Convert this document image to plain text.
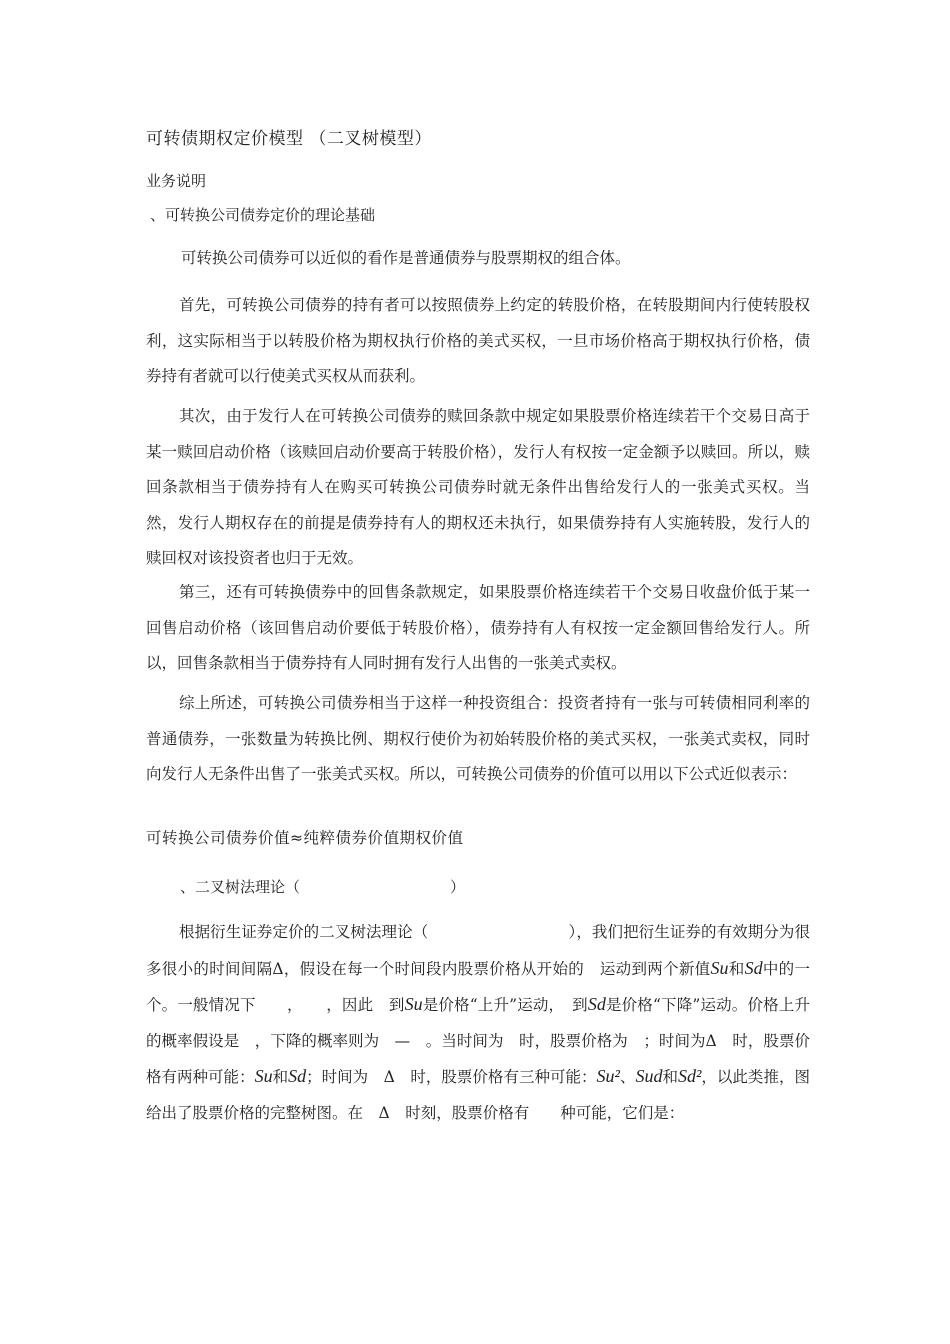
可转债期权定价模型 （二叉树模型）
业务说明
、可转换公司债券定价的理论基础

可转换公司债券可以近似的看作是普通债券与股票期权的组合体。

首先，可转换公司债券的持有者可以按照债券上约定的转股价格，在转股期间内行使转股权利，这实际相当于以转股价格为期权执行价格的美式买权，一旦市场价格高于期权执行价格，债券持有者就可以行使美式买权从而获利。

其次，由于发行人在可转换公司债券的赎回条款中规定如果股票价格连续若干个交易日高于某一赎回启动价格（该赎回启动价要高于转股价格），发行人有权按一定金额予以赎回。所以，赎回条款相当于债券持有人在购买可转换公司债券时就无条件出售给发行人的一张美式买权。当然，发行人期权存在的前提是债券持有人的期权还未执行，如果债券持有人实施转股，发行人的赎回权对该投资者也归于无效。

第三，还有可转换债券中的回售条款规定，如果股票价格连续若干个交易日收盘价低于某一回售启动价格（该回售启动价要低于转股价格），债券持有人有权按一定金额回售给发行人。所以，回售条款相当于债券持有人同时拥有发行人出售的一张美式卖权。

综上所述，可转换公司债券相当于这样一种投资组合：投资者持有一张与可转债相同利率的普通债券，一张数量为转换比例、期权行使价为初始转股价格的美式买权，一张美式卖权，同时向发行人无条件出售了一张美式买权。所以，可转换公司债券的价值可以用以下公式近似表示：

可转换公司债券价值≈纯粹债券价值期权价值
、二叉树法理论（　　　　　　　　　　）

根据衍生证券定价的二叉树法理论（　　　　　　　　　），我们把衍生证券的有效期分为很多很小的时间间隔Δ，假设在每一个时间段内股票价格从开始的　运动到两个新值Su和Sd中的一个。一般情况下　　，　　，因此　到Su是价格“上升”运动，　到Sd是价格“下降”运动。价格上升的概率假设是　，下降的概率则为　—　。当时间为　时，股票价格为　；时间为Δ　时，股票价格有两种可能：Su和Sd；时间为　Δ　时，股票价格有三种可能：Su²、Sud和Sd²，以此类推，图　给出了股票价格的完整树图。在　Δ　时刻，股票价格有　　种可能，它们是：
